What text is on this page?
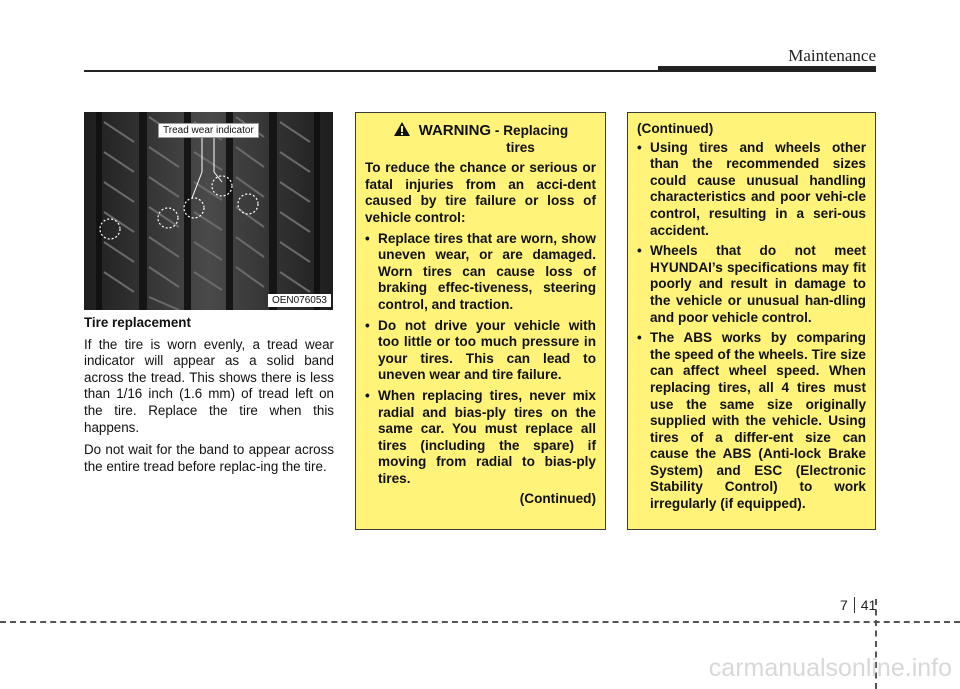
Maintenance
Tread wear indicator
OEN076053
Tire replacement

If the tire is worn evenly, a tread wear indicator will appear as a solid band across the tread. This shows there is less than 1/16 inch (1.6 mm) of tread left on the tire. Replace the tire when this happens.

Do not wait for the band to appear across the entire tread before replac-ing the tire.

WARNING - Replacing
tires

To reduce the chance or serious or fatal injuries from an acci-dent caused by tire failure or loss of vehicle control:

• Replace tires that are worn, show uneven wear, or are damaged. Worn tires can cause loss of braking effec-tiveness, steering control, and traction.
• Do not drive your vehicle with too little or too much pressure in your tires. This can lead to uneven wear and tire failure.
• When replacing tires, never mix radial and bias-ply tires on the same car. You must replace all tires (including the spare) if moving from radial to bias-ply tires.
(Continued)
(Continued)
• Using tires and wheels other than the recommended sizes could cause unusual handling characteristics and poor vehi-cle control, resulting in a seri-ous accident.
• Wheels that do not meet HYUNDAI’s specifications may fit poorly and result in damage to the vehicle or unusual han-dling and poor vehicle control.
• The ABS works by comparing the speed of the wheels. Tire size can affect wheel speed. When replacing tires, all 4 tires must use the same size originally supplied with the vehicle. Using tires of a differ-ent size can cause the ABS (Anti-lock Brake System) and ESC (Electronic Stability Control) to work irregularly (if equipped).
7 41
carmanualsonline.info
